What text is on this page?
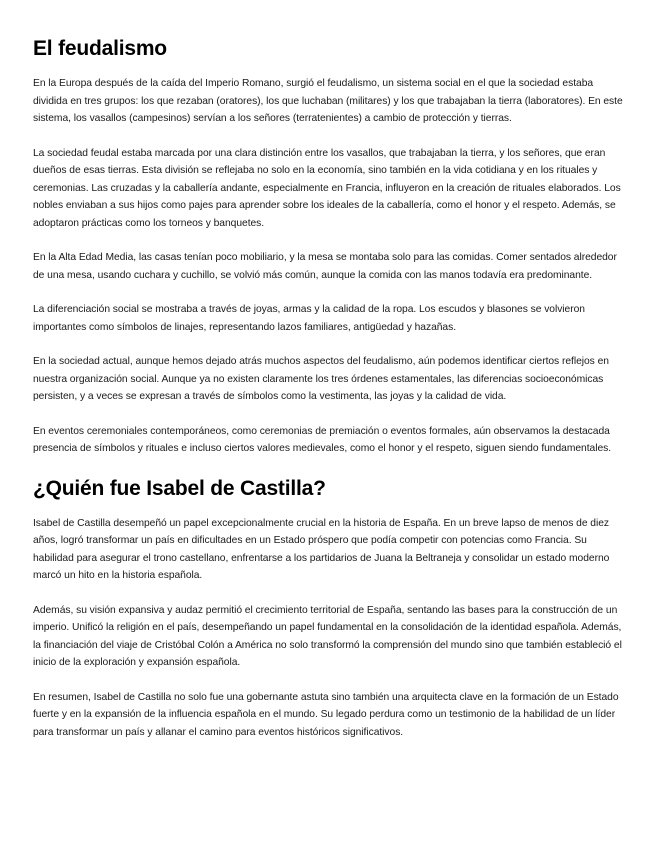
El feudalismo

En la Europa después de la caída del Imperio Romano, surgió el feudalismo, un sistema social en el que la sociedad estaba dividida en tres grupos: los que rezaban (oratores), los que luchaban (militares) y los que trabajaban la tierra (laboratores). En este sistema, los vasallos (campesinos) servían a los señores (terratenientes) a cambio de protección y tierras.

La sociedad feudal estaba marcada por una clara distinción entre los vasallos, que trabajaban la tierra, y los señores, que eran dueños de esas tierras. Esta división se reflejaba no solo en la economía, sino también en la vida cotidiana y en los rituales y ceremonias. Las cruzadas y la caballería andante, especialmente en Francia, influyeron en la creación de rituales elaborados. Los nobles enviaban a sus hijos como pajes para aprender sobre los ideales de la caballería, como el honor y el respeto. Además, se adoptaron prácticas como los torneos y banquetes.

En la Alta Edad Media, las casas tenían poco mobiliario, y la mesa se montaba solo para las comidas. Comer sentados alrededor de una mesa, usando cuchara y cuchillo, se volvió más común, aunque la comida con las manos todavía era predominante.

La diferenciación social se mostraba a través de joyas, armas y la calidad de la ropa. Los escudos y blasones se volvieron importantes como símbolos de linajes, representando lazos familiares, antigüedad y hazañas.

En la sociedad actual, aunque hemos dejado atrás muchos aspectos del feudalismo, aún podemos identificar ciertos reflejos en nuestra organización social. Aunque ya no existen claramente los tres órdenes estamentales, las diferencias socioeconómicas persisten, y a veces se expresan a través de símbolos como la vestimenta, las joyas y la calidad de vida.

En eventos ceremoniales contemporáneos, como ceremonias de premiación o eventos formales, aún observamos la destacada presencia de símbolos y rituales e incluso ciertos valores medievales, como el honor y el respeto, siguen siendo fundamentales.

¿Quién fue Isabel de Castilla?

Isabel de Castilla desempeñó un papel excepcionalmente crucial en la historia de España. En un breve lapso de menos de diez años, logró transformar un país en dificultades en un Estado próspero que podía competir con potencias como Francia. Su habilidad para asegurar el trono castellano, enfrentarse a los partidarios de Juana la Beltraneja y consolidar un estado moderno marcó un hito en la historia española.

Además, su visión expansiva y audaz permitió el crecimiento territorial de España, sentando las bases para la construcción de un imperio. Unificó la religión en el país, desempeñando un papel fundamental en la consolidación de la identidad española. Además, la financiación del viaje de Cristóbal Colón a América no solo transformó la comprensión del mundo sino que también estableció el inicio de la exploración y expansión española.

En resumen, Isabel de Castilla no solo fue una gobernante astuta sino también una arquitecta clave en la formación de un Estado fuerte y en la expansión de la influencia española en el mundo. Su legado perdura como un testimonio de la habilidad de un líder para transformar un país y allanar el camino para eventos históricos significativos.
